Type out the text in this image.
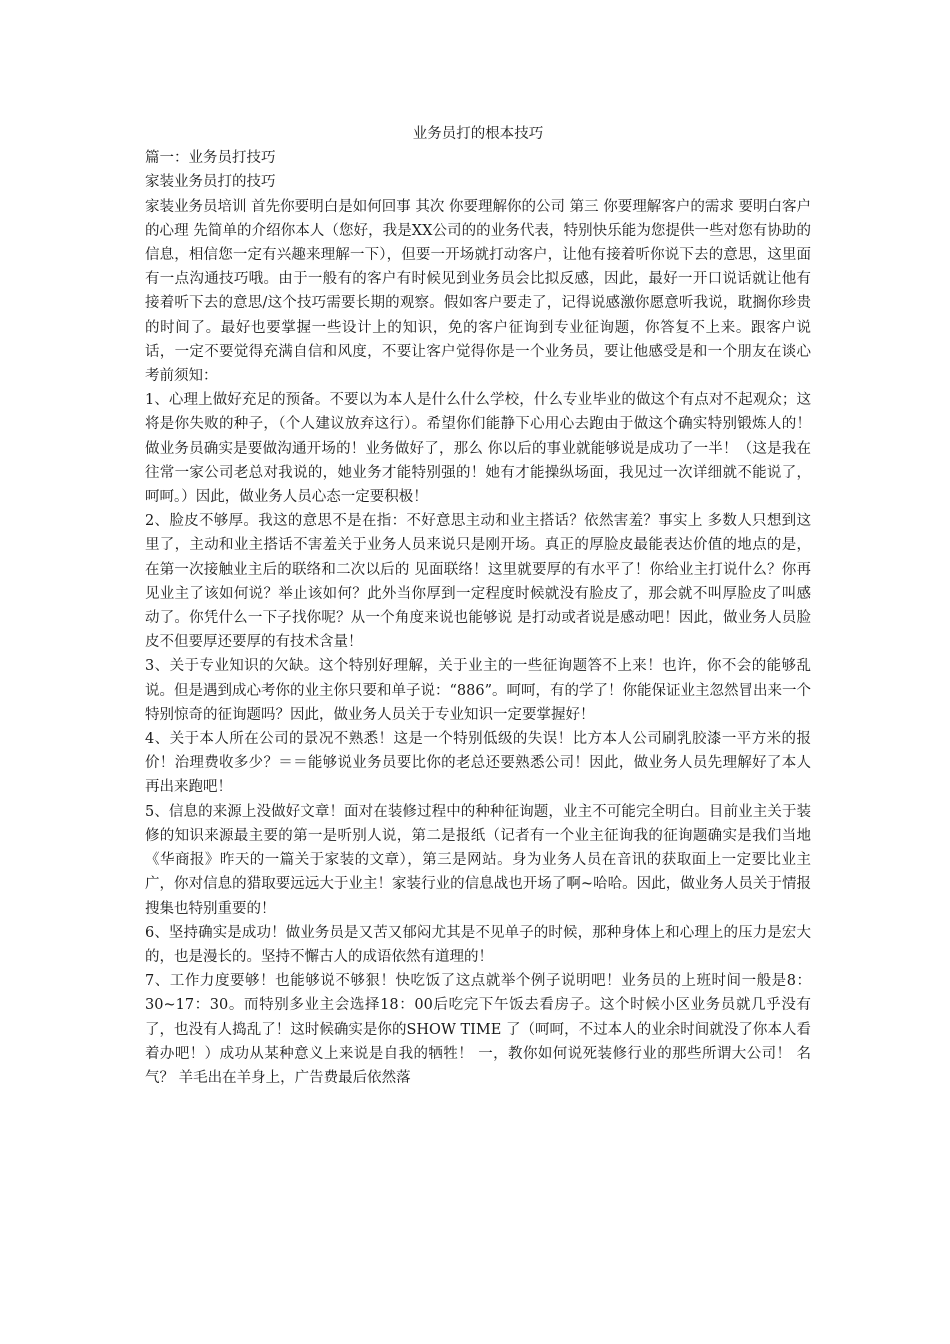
业务员打的根本技巧

篇一：业务员打技巧

家装业务员打的技巧

家装业务员培训 首先你要明白是如何回事 其次 你要理解你的公司 第三 你要理解客户的需求 要明白客户的心理 先简单的介绍你本人（您好，我是XX公司的的业务代表，特别快乐能为您提供一些对您有协助的信息，相信您一定有兴趣来理解一下），但要一开场就打动客户，让他有接着听你说下去的意思，这里面有一点沟通技巧哦。由于一般有的客户有时候见到业务员会比拟反感，因此，最好一开口说话就让他有接着听下去的意思/这个技巧需要长期的观察。假如客户要走了，记得说感激你愿意听我说，耽搁你珍贵的时间了。最好也要掌握一些设计上的知识，免的客户征询到专业征询题，你答复不上来。跟客户说话，一定不要觉得充满自信和风度，不要让客户觉得你是一个业务员，要让他感受是和一个朋友在谈心 考前须知：

1、心理上做好充足的预备。不要以为本人是什么什么学校，什么专业毕业的做这个有点对不起观众；这将是你失败的种子，（个人建议放弃这行）。希望你们能静下心用心去跑由于做这个确实特别锻炼人的！做业务员确实是要做沟通开场的！业务做好了，那么 你以后的事业就能够说是成功了一半！（这是我在往常一家公司老总对我说的，她业务才能特别强的！她有才能操纵场面，我见过一次详细就不能说了，呵呵。）因此，做业务人员心态一定要积极！

2、脸皮不够厚。我这的意思不是在指：不好意思主动和业主搭话？依然害羞？事实上 多数人只想到这里了，主动和业主搭话不害羞关于业务人员来说只是刚开场。真正的厚脸皮最能表达价值的地点的是，在第一次接触业主后的联络和二次以后的 见面联络！这里就要厚的有水平了！你给业主打说什么？你再见业主了该如何说？举止该如何？此外当你厚到一定程度时候就没有脸皮了，那会就不叫厚脸皮了叫感动了。你凭什么一下子找你呢？从一个角度来说也能够说 是打动或者说是感动吧！因此，做业务人员脸皮不但要厚还要厚的有技术含量！

3、关于专业知识的欠缺。这个特别好理解，关于业主的一些征询题答不上来！也许，你不会的能够乱说。但是遇到成心考你的业主你只要和单子说：“886”。呵呵，有的学了！你能保证业主忽然冒出来一个特别惊奇的征询题吗？因此，做业务人员关于专业知识一定要掌握好！

4、关于本人所在公司的景况不熟悉！这是一个特别低级的失误！比方本人公司刷乳胶漆一平方米的报价！治理费收多少？＝＝能够说业务员要比你的老总还要熟悉公司！因此，做业务人员先理解好了本人再出来跑吧！

5、信息的来源上没做好文章！面对在装修过程中的种种征询题，业主不可能完全明白。目前业主关于装修的知识来源最主要的第一是听别人说，第二是报纸（记者有一个业主征询我的征询题确实是我们当地 《华商报》昨天的一篇关于家装的文章），第三是网站。身为业务人员在音讯的获取面上一定要比业主广，你对信息的猎取要远远大于业主！家装行业的信息战也开场了啊~哈哈。因此，做业务人员关于情报搜集也特别重要的！

6、坚持确实是成功！做业务员是又苦又郁闷尤其是不见单子的时候，那种身体上和心理上的压力是宏大的，也是漫长的。坚持不懈古人的成语依然有道理的！

7、工作力度要够！也能够说不够狠！快吃饭了这点就举个例子说明吧！业务员的上班时间一般是8：30~17：30。而特别多业主会选择18：00后吃完下午饭去看房子。这个时候小区业务员就几乎没有了，也没有人捣乱了！这时候确实是你的SHOW TIME 了（呵呵，不过本人的业余时间就没了你本人看着办吧！）成功从某种意义上来说是自我的牺牲！ 一，教你如何说死装修行业的那些所谓大公司！ 名气？ 羊毛出在羊身上，广告费最后依然落
